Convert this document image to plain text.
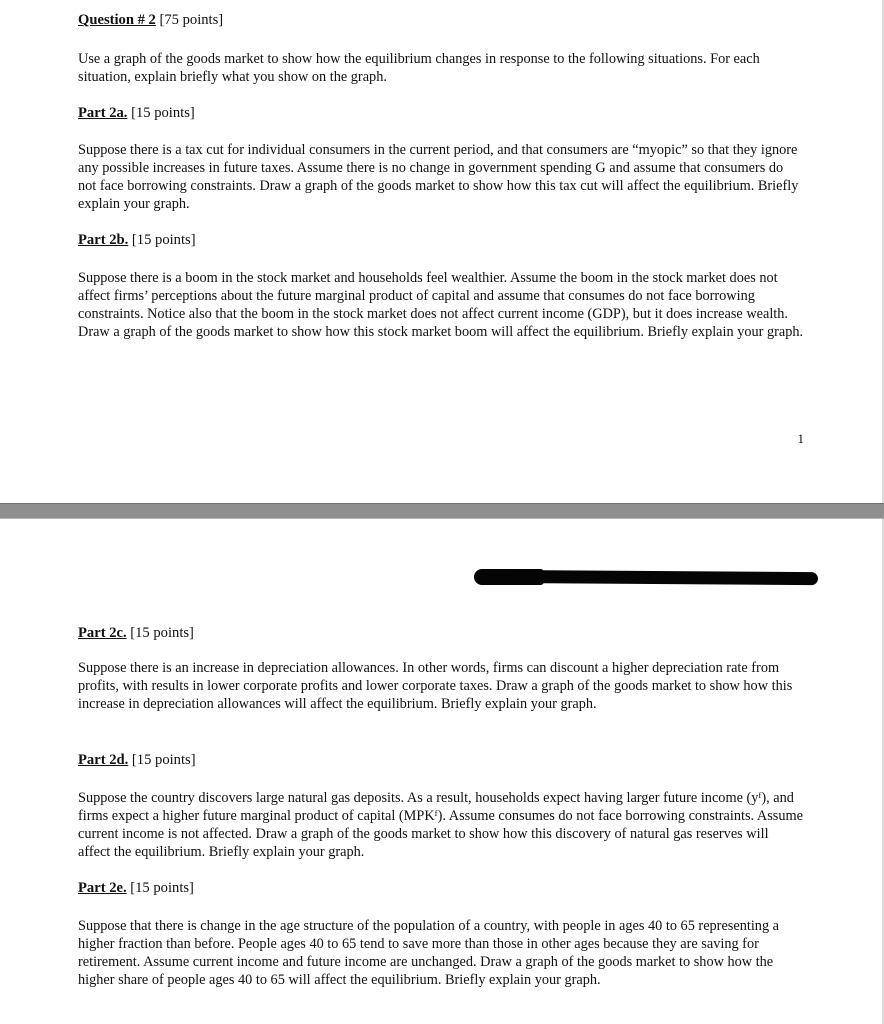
Question # 2 [75 points]

Use a graph of the goods market to show how the equilibrium changes in response to the following situations. For each situation, explain briefly what you show on the graph.

Part 2a. [15 points]

Suppose there is a tax cut for individual consumers in the current period, and that consumers are “myopic” so that they ignore any possible increases in future taxes. Assume there is no change in government spending G and assume that consumers do not face borrowing constraints. Draw a graph of the goods market to show how this tax cut will affect the equilibrium. Briefly explain your graph.

Part 2b. [15 points]

Suppose there is a boom in the stock market and households feel wealthier. Assume the boom in the stock market does not affect firms’ perceptions about the future marginal product of capital and assume that consumes do not face borrowing constraints. Notice also that the boom in the stock market does not affect current income (GDP), but it does increase wealth. Draw a graph of the goods market to show how this stock market boom will affect the equilibrium. Briefly explain your graph.

1
Part 2c. [15 points]

Suppose there is an increase in depreciation allowances. In other words, firms can discount a higher depreciation rate from profits, with results in lower corporate profits and lower corporate taxes. Draw a graph of the goods market to show how this increase in depreciation allowances will affect the equilibrium. Briefly explain your graph.

Part 2d. [15 points]

Suppose the country discovers large natural gas deposits. As a result, households expect having larger future income (yᶠ), and firms expect a higher future marginal product of capital (MPKᶠ). Assume consumes do not face borrowing constraints. Assume current income is not affected. Draw a graph of the goods market to show how this discovery of natural gas reserves will affect the equilibrium. Briefly explain your graph.

Part 2e. [15 points]

Suppose that there is change in the age structure of the population of a country, with people in ages 40 to 65 representing a higher fraction than before. People ages 40 to 65 tend to save more than those in other ages because they are saving for retirement. Assume current income and future income are unchanged. Draw a graph of the goods market to show how the higher share of people ages 40 to 65 will affect the equilibrium. Briefly explain your graph.
